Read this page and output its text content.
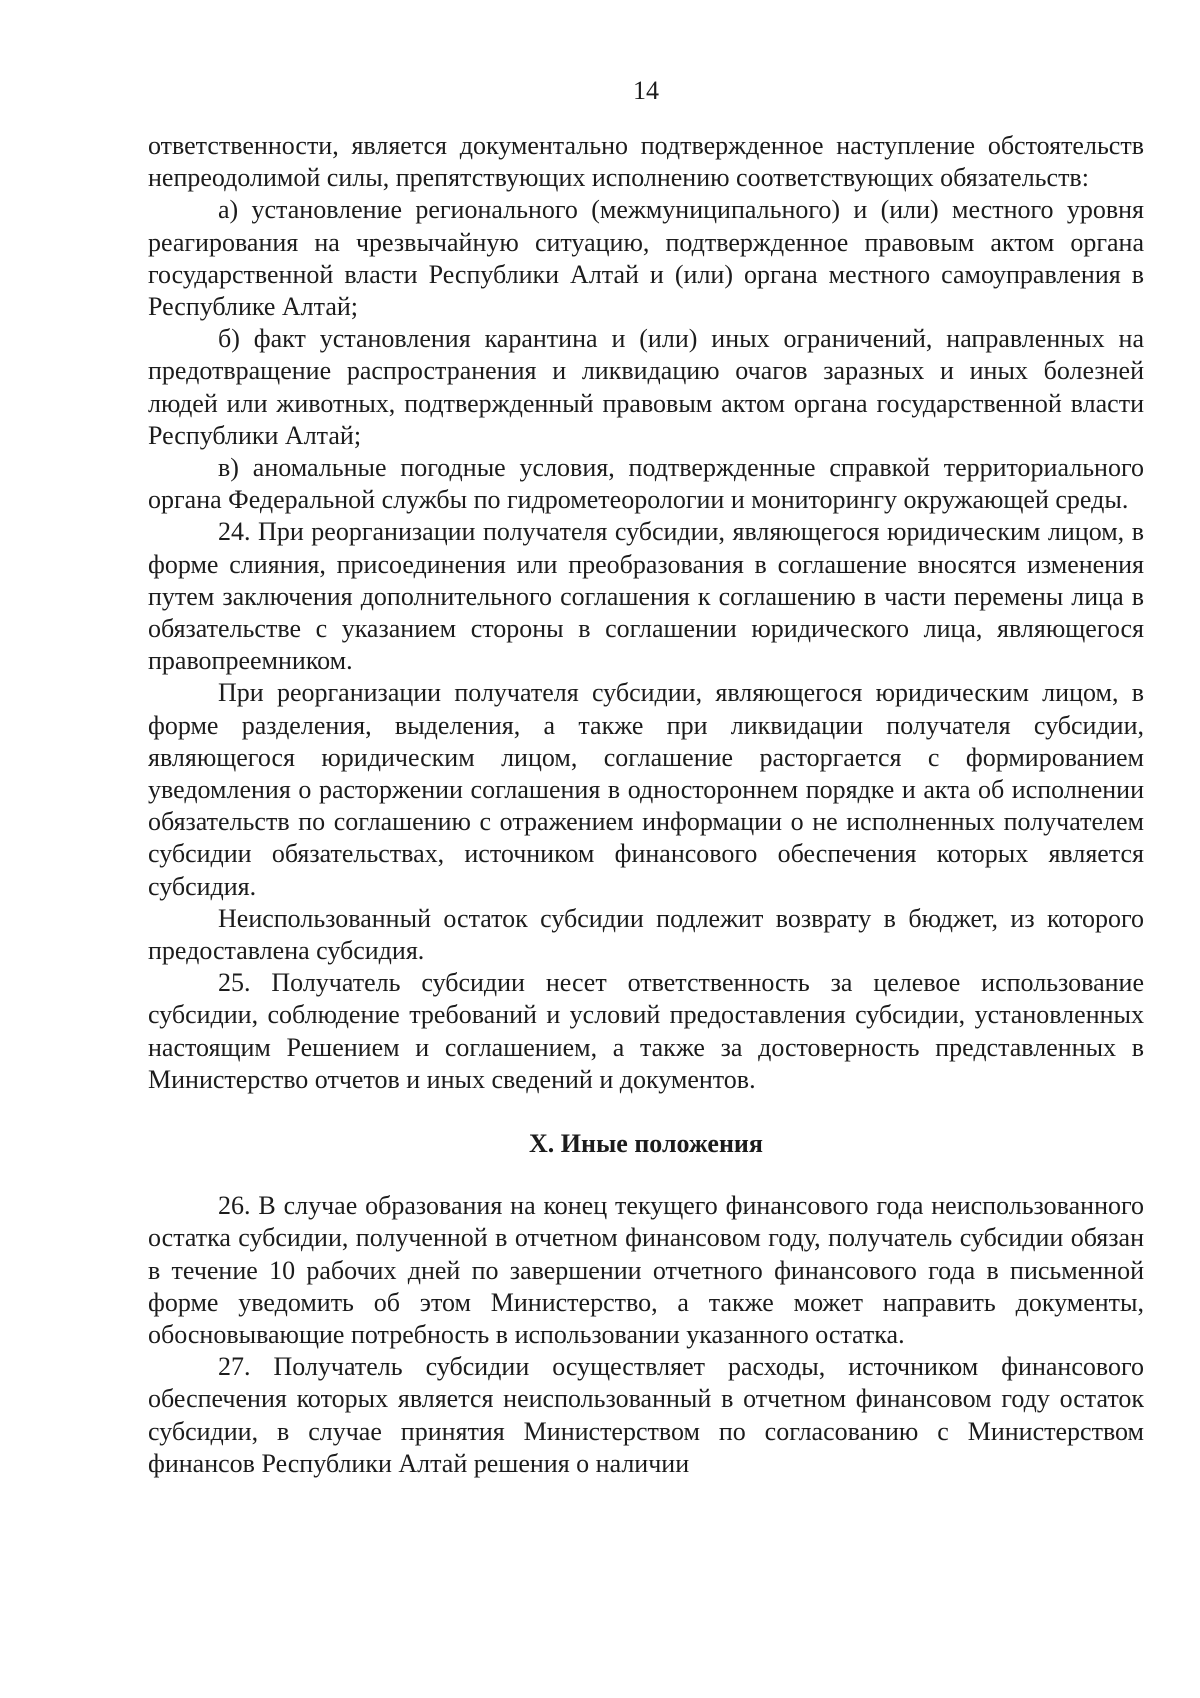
14

ответственности, является документально подтвержденное наступление обстоятельств непреодолимой силы, препятствующих исполнению соответствующих обязательств:

а) установление регионального (межмуниципального) и (или) местного уровня реагирования на чрезвычайную ситуацию, подтвержденное правовым актом органа государственной власти Республики Алтай и (или) органа местного самоуправления в Республике Алтай;

б) факт установления карантина и (или) иных ограничений, направленных на предотвращение распространения и ликвидацию очагов заразных и иных болезней людей или животных, подтвержденный правовым актом органа государственной власти Республики Алтай;

в) аномальные погодные условия, подтвержденные справкой территориального органа Федеральной службы по гидрометеорологии и мониторингу окружающей среды.

24. При реорганизации получателя субсидии, являющегося юридическим лицом, в форме слияния, присоединения или преобразования в соглашение вносятся изменения путем заключения дополнительного соглашения к соглашению в части перемены лица в обязательстве с указанием стороны в соглашении юридического лица, являющегося правопреемником.

При реорганизации получателя субсидии, являющегося юридическим лицом, в форме разделения, выделения, а также при ликвидации получателя субсидии, являющегося юридическим лицом, соглашение расторгается с формированием уведомления о расторжении соглашения в одностороннем порядке и акта об исполнении обязательств по соглашению с отражением информации о не исполненных получателем субсидии обязательствах, источником финансового обеспечения которых является субсидия.

Неиспользованный остаток субсидии подлежит возврату в бюджет, из которого предоставлена субсидия.

25. Получатель субсидии несет ответственность за целевое использование субсидии, соблюдение требований и условий предоставления субсидии, установленных настоящим Решением и соглашением, а также за достоверность представленных в Министерство отчетов и иных сведений и документов.

X. Иные положения

26. В случае образования на конец текущего финансового года неиспользованного остатка субсидии, полученной в отчетном финансовом году, получатель субсидии обязан в течение 10 рабочих дней по завершении отчетного финансового года в письменной форме уведомить об этом Министерство, а также может направить документы, обосновывающие потребность в использовании указанного остатка.

27. Получатель субсидии осуществляет расходы, источником финансового обеспечения которых является неиспользованный в отчетном финансовом году остаток субсидии, в случае принятия Министерством по согласованию с Министерством финансов Республики Алтай решения о наличии
